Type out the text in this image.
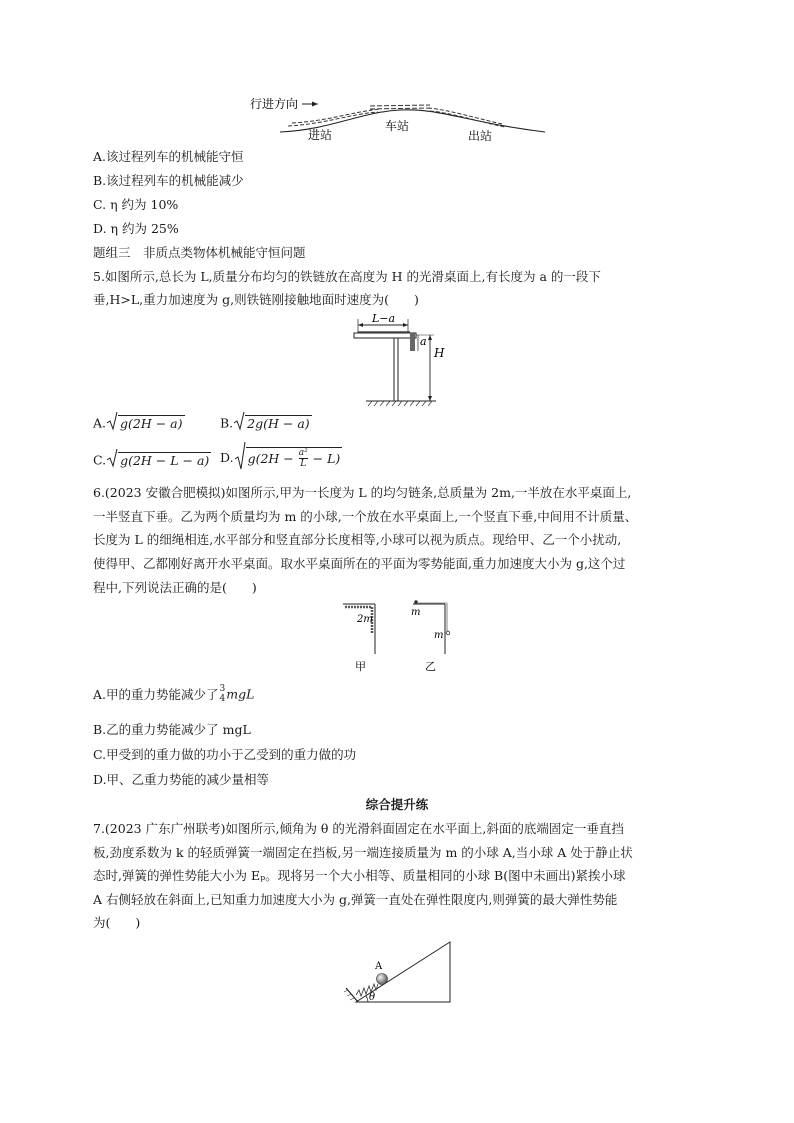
行进方向
进站
车站
出站
A.该过程列车的机械能守恒
B.该过程列车的机械能减少
C. η 约为 10%
D. η 约为 25%
题组三　非质点类物体机械能守恒问题
5.如图所示,总长为 L,质量分布均匀的铁链放在高度为 H 的光滑桌面上,有长度为 a 的一段下
垂,H>L,重力加速度为 g,则铁链刚接触地面时速度为(　　)
L−a
a
H
A. g(2H − a)	B. 2g(H − a)
C. g(2H − L − a) D. $g(2H - \frac{\text{a²}}{L} - L)$
6.(2023 安徽合肥模拟)如图所示,甲为一长度为 L 的均匀链条,总质量为 2m,一半放在水平桌面上,
一半竖直下垂。乙为两个质量均为 m 的小球,一个放在水平桌面上,一个竖直下垂,中间用不计质量、
长度为 L 的细绳相连,水平部分和竖直部分长度相等,小球可以视为质点。现给甲、乙一个小扰动,
使得甲、乙都刚好离开水平桌面。取水平桌面所在的平面为零势能面,重力加速度大小为 g,这个过
程中,下列说法正确的是(　　)
2m
甲
m
m
乙
A.甲的重力势能减少了 3
4 mgL
B.乙的重力势能减少了 mgL
C.甲受到的重力做的功小于乙受到的重力做的功
D.甲、乙重力势能的减少量相等
综合提升练
7.(2023 广东广州联考)如图所示,倾角为 θ 的光滑斜面固定在水平面上,斜面的底端固定一垂直挡
板,劲度系数为 k 的轻质弹簧一端固定在挡板,另一端连接质量为 m 的小球 A,当小球 A 处于静止状
态时,弹簧的弹性势能大小为 Eₚ。现将另一个大小相等、质量相同的小球 B(图中未画出)紧挨小球
A 右侧轻放在斜面上,已知重力加速度大小为 g,弹簧一直处在弹性限度内,则弹簧的最大弹性势能
为(　　)
A
θ
